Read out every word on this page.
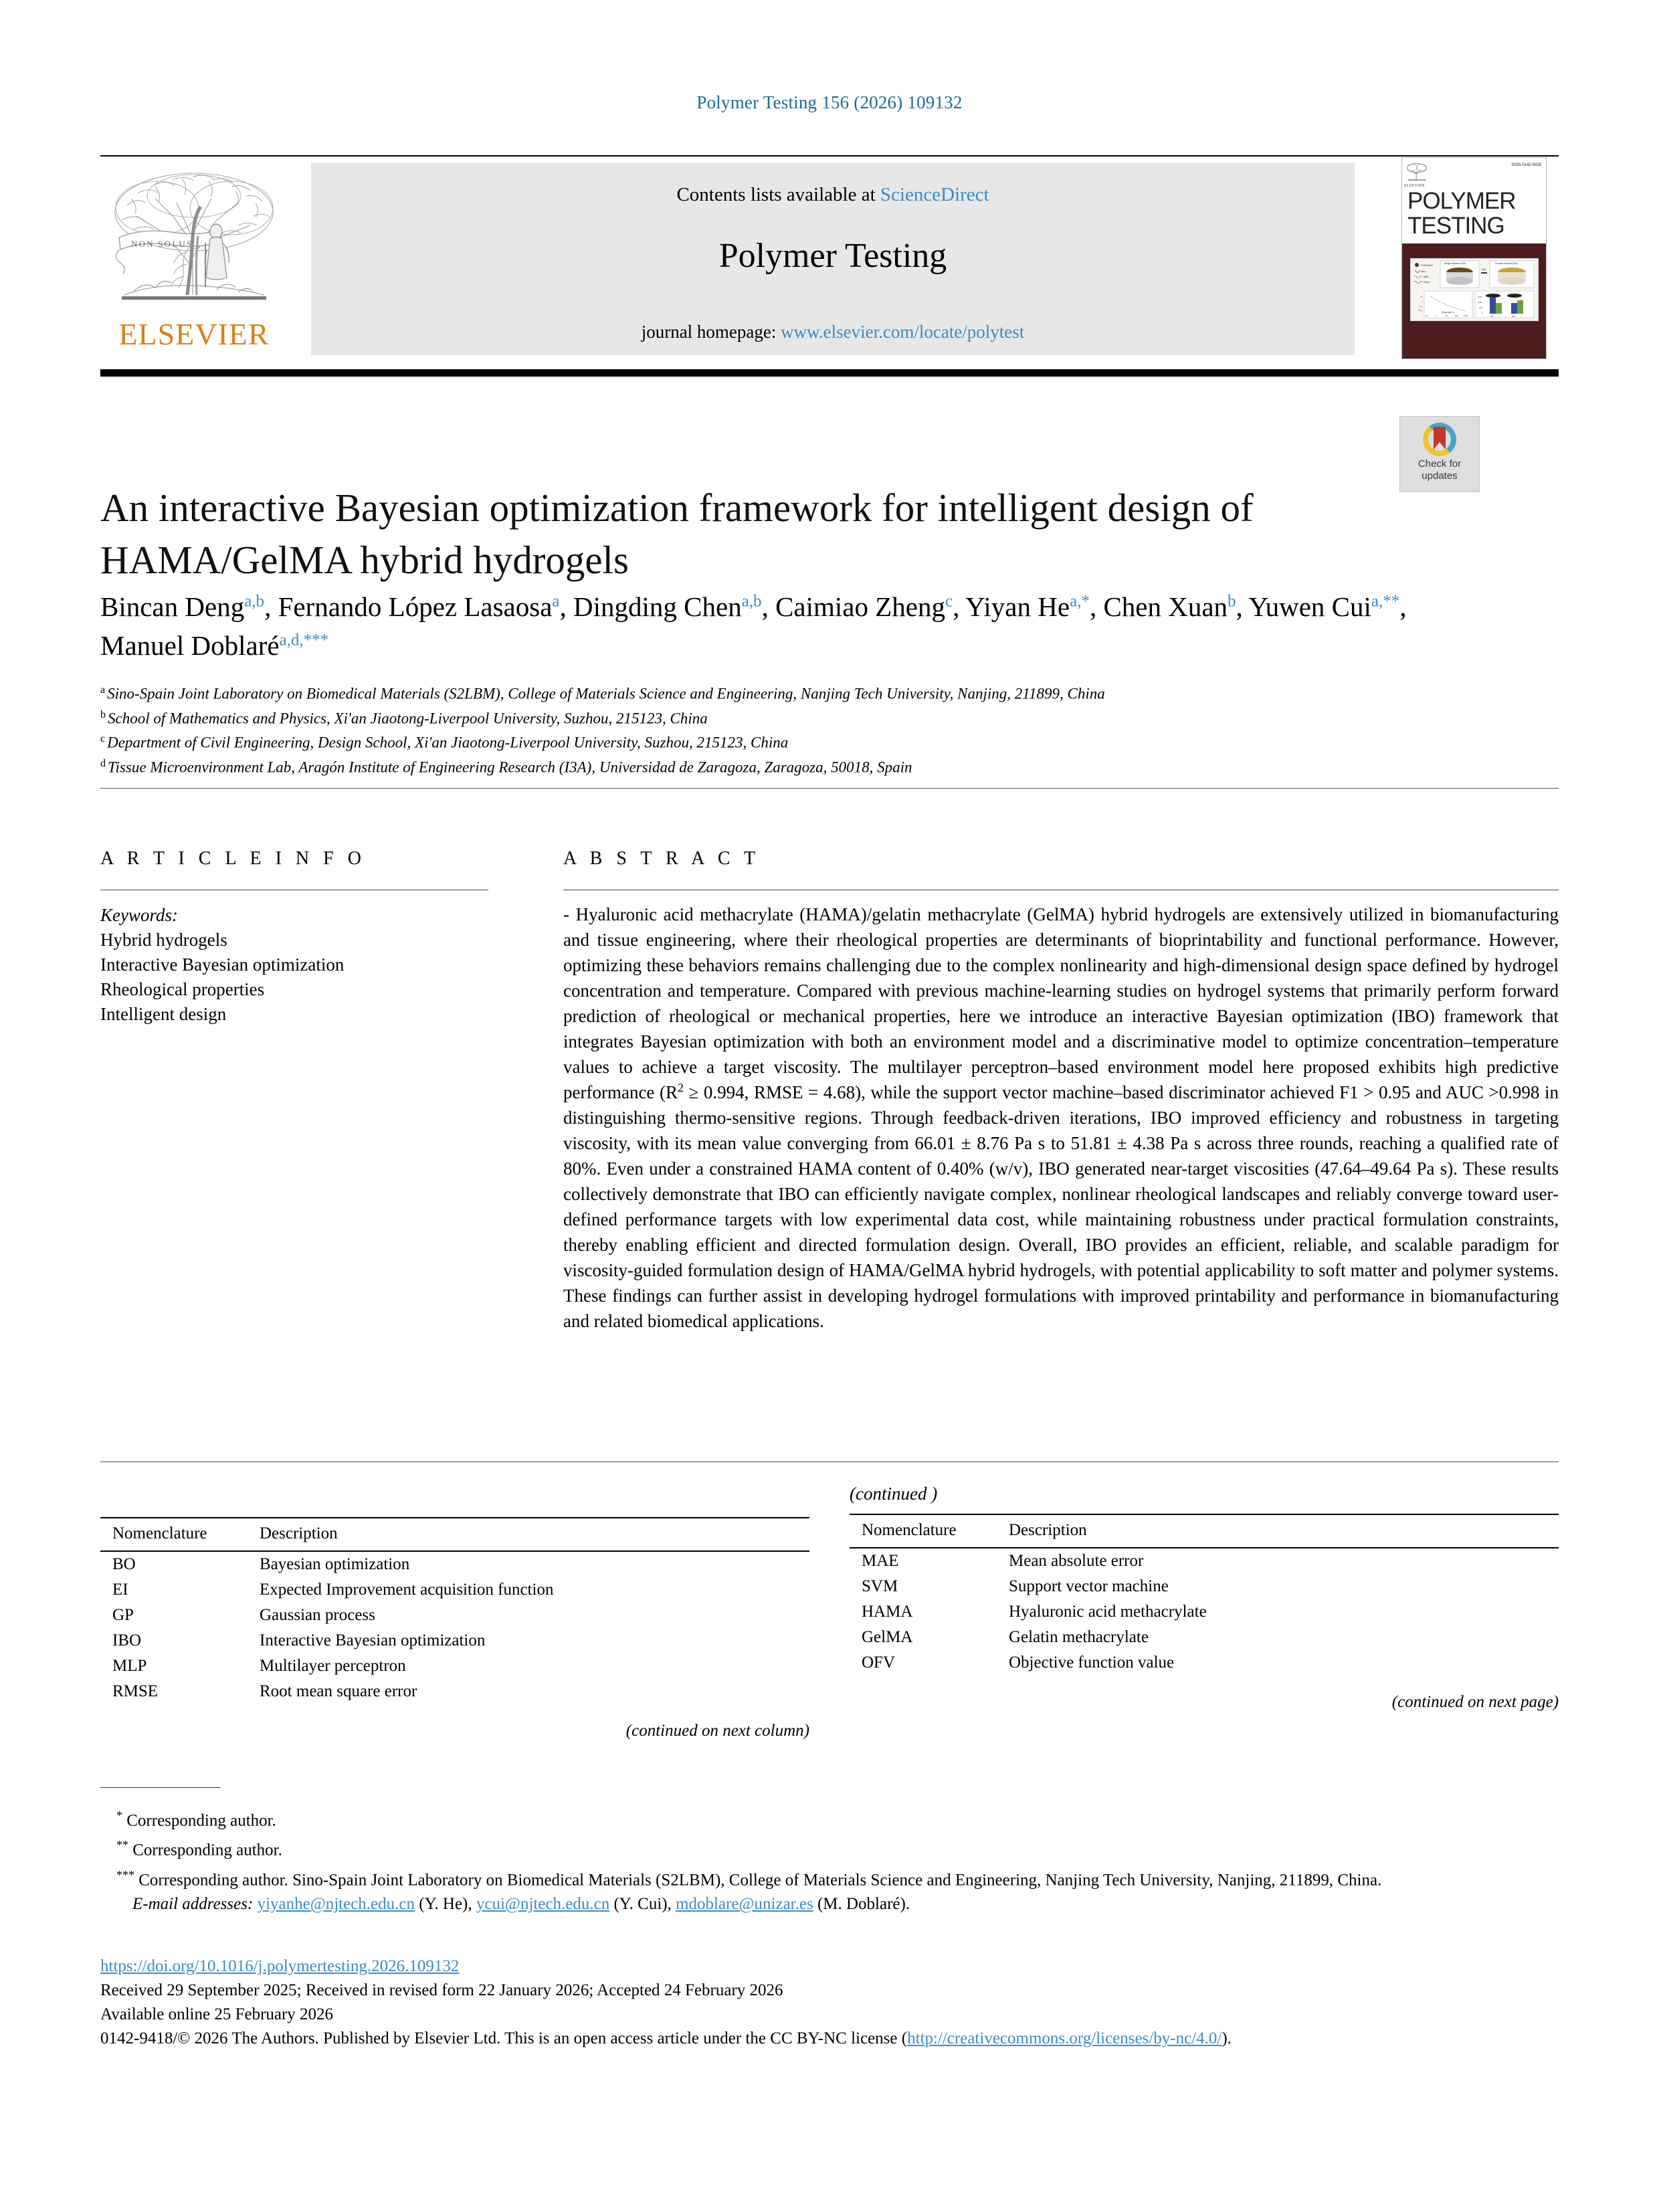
Polymer Testing 156 (2026) 109132
NON SOLUS
ELSEVIER
Contents lists available at ScienceDirect
Polymer Testing
journal homepage: www.elsevier.com/locate/polytest
ISSN 0142-9418
ELSEVIER
POLYMER
TESTING
PDMS@NO
AAm
MBA
PAAm
Single network (SN)
+ZA
Double network (DN)
0.1	1	10	100	1000
Shear rate, s
10
1
0.1
0.01
SN	DN
1500
1000
500
0
Check for
updates
An interactive Bayesian optimization framework for intelligent design of HAMA/GelMA hybrid hydrogels
Bincan Deng$^{a,b}$, Fernando López Lasaosa$^a$, Dingding Chen$^{a,b}$, Caimiao Zheng$^c$, Yiyan $He^{a,*}$, Chen Xuan$^b$, Yuwen Cui$^{a,**}$, Manuel Doblaré$^{a,d,***}$
$^a$ Sino-Spain Joint Laboratory on Biomedical Materials (S2LBM), College of Materials Science and Engineering, Nanjing Tech University, Nanjing, 211899, China
$^b$ School of Mathematics and Physics, Xi'an Jiaotong-Liverpool University, Suzhou, 215123, China
$^c$ Department of Civil Engineering, Design School, Xi'an Jiaotong-Liverpool University, Suzhou, 215123, China
$^d$ Tissue Microenvironment Lab, Aragón Institute of Engineering Research (I3A), Universidad de Zaragoza, Zaragoza, 50018, Spain
A R T I C L E I N F O
Keywords:
Hybrid hydrogels
Interactive Bayesian optimization
Rheological properties
Intelligent design
A B S T R A C T
- Hyaluronic acid methacrylate (HAMA)/gelatin methacrylate (GelMA) hybrid hydrogels are extensively utilized in biomanufacturing and tissue engineering, where their rheological properties are determinants of bioprintability and functional performance. However, optimizing these behaviors remains challenging due to the complex nonlinearity and high-dimensional design space defined by hydrogel concentration and temperature. Compared with previous machine-learning studies on hydrogel systems that primarily perform forward prediction of rheological or mechanical properties, here we introduce an interactive Bayesian optimization (IBO) framework that integrates Bayesian optimization with both an environment model and a discriminative model to optimize concentration–temperature values to achieve a target viscosity. The multilayer perceptron–based environment model here proposed exhibits high predictive performance ($R^2 \ge 0.994$, RMSE = 4.68), while the support vector machine–based discriminator achieved F1 > 0.95 and AUC >0.998 in distinguishing thermo-sensitive regions. Through feedback-driven iterations, IBO improved efficiency and robustness in targeting viscosity, with its mean value converging from 66.01 ± 8.76 Pa s to 51.81 ± 4.38 Pa s across three rounds, reaching a qualified rate of 80%. Even under a constrained HAMA content of 0.40% (w/v), IBO generated near-target viscosities (47.64–49.64 Pa s). These results collectively demonstrate that IBO can efficiently navigate complex, nonlinear rheological landscapes and reliably converge toward user-defined performance targets with low experimental data cost, while maintaining robustness under practical formulation constraints, thereby enabling efficient and directed formulation design. Overall, IBO provides an efficient, reliable, and scalable paradigm for viscosity-guided formulation design of HAMA/GelMA hybrid hydrogels, with potential applicability to soft matter and polymer systems. These findings can further assist in developing hydrogel formulations with improved printability and performance in biomanufacturing and related biomedical applications.
Nomenclature	Description
BO	Bayesian optimization
EI	Expected Improvement acquisition function
GP	Gaussian process
IBO	Interactive Bayesian optimization
MLP	Multilayer perceptron
RMSE	Root mean square error
(continued on next column)	
(continued )
Nomenclature	Description
MAE	Mean absolute error
SVM	Support vector machine
HAMA	Hyaluronic acid methacrylate
GelMA	Gelatin methacrylate
OFV	Objective function value
(continued on next page)	
* Corresponding author.
** Corresponding author.
*** Corresponding author. Sino-Spain Joint Laboratory on Biomedical Materials (S2LBM), College of Materials Science and Engineering, Nanjing Tech University, Nanjing, 211899, China.
E-mail addresses: yiyanhe@njtech.edu.cn (Y. He), ycui@njtech.edu.cn (Y. Cui), mdoblare@unizar.es (M. Doblaré).
https://doi.org/10.1016/j.polymertesting.2026.109132
Received 29 September 2025; Received in revised form 22 January 2026; Accepted 24 February 2026
Available online 25 February 2026
0142-9418/© 2026 The Authors. Published by Elsevier Ltd. This is an open access article under the CC BY-NC license (http://creativecommons.org/licenses/by-nc/4.0/).
